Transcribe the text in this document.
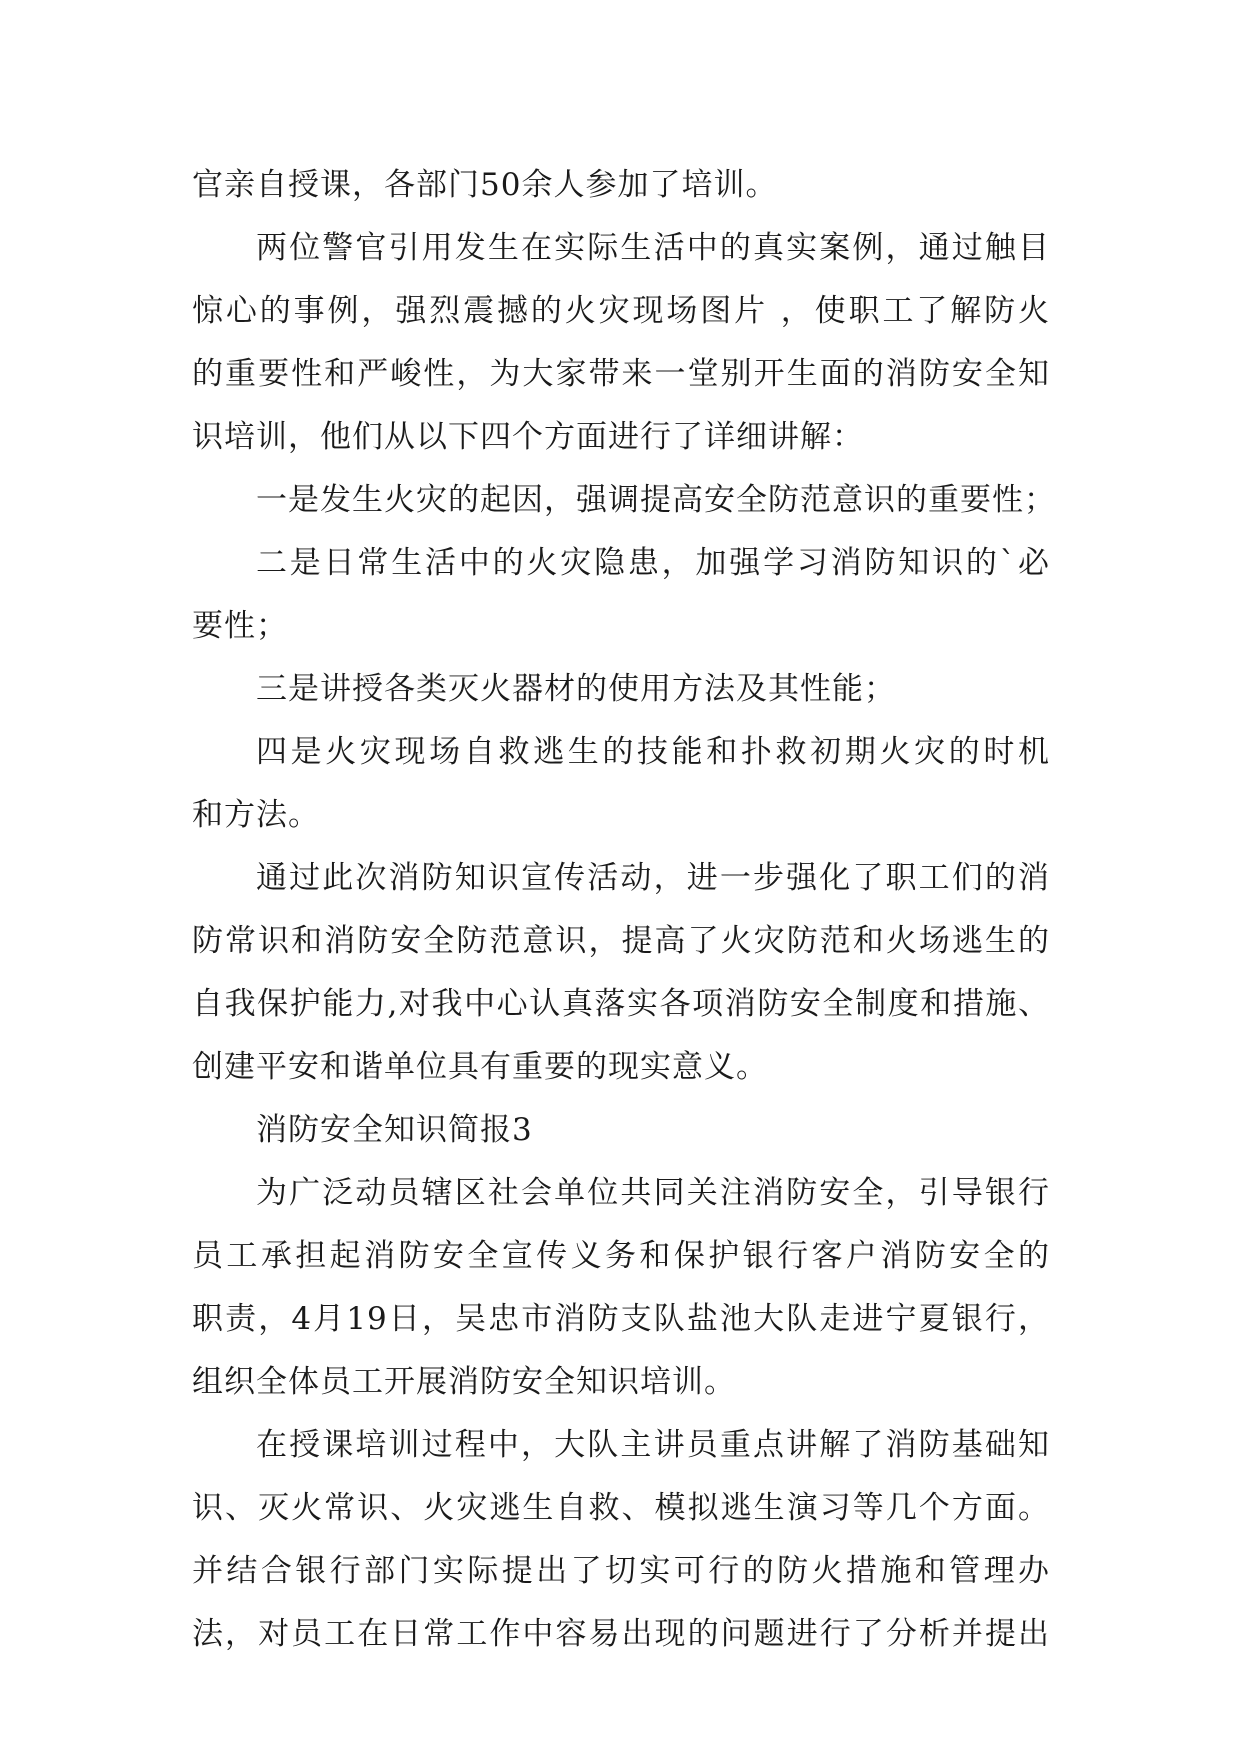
官亲自授课，各部门50余人参加了培训。
两位警官引用发生在实际生活中的真实案例，通过触目
惊心的事例，强烈震撼的火灾现场图片 ，使职工了解防火
的重要性和严峻性，为大家带来一堂别开生面的消防安全知
识培训，他们从以下四个方面进行了详细讲解：
一是发生火灾的起因，强调提高安全防范意识的重要性；
二是日常生活中的火灾隐患，加强学习消防知识的`必
要性；
三是讲授各类灭火器材的使用方法及其性能；
四是火灾现场自救逃生的技能和扑救初期火灾的时机
和方法。
通过此次消防知识宣传活动，进一步强化了职工们的消
防常识和消防安全防范意识，提高了火灾防范和火场逃生的
自我保护能力,对我中心认真落实各项消防安全制度和措施、
创建平安和谐单位具有重要的现实意义。
消防安全知识简报3
为广泛动员辖区社会单位共同关注消防安全，引导银行
员工承担起消防安全宣传义务和保护银行客户消防安全的
职责，4月19日，吴忠市消防支队盐池大队走进宁夏银行，
组织全体员工开展消防安全知识培训。
在授课培训过程中，大队主讲员重点讲解了消防基础知
识、灭火常识、火灾逃生自救、模拟逃生演习等几个方面。
并结合银行部门实际提出了切实可行的防火措施和管理办
法，对员工在日常工作中容易出现的问题进行了分析并提出
